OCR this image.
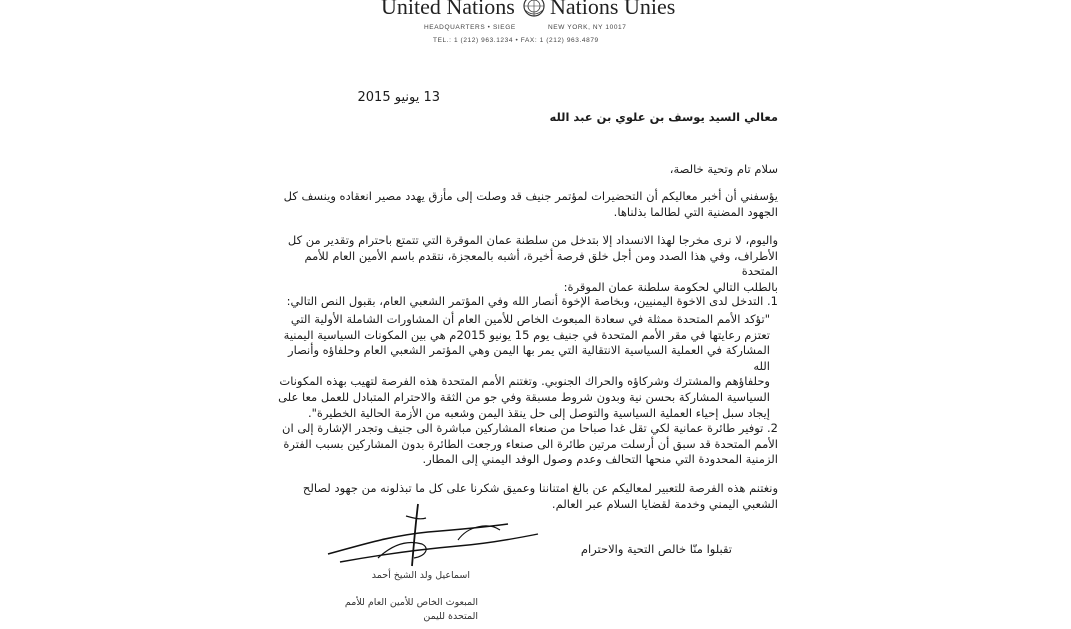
United Nations Nations Unies
HEADQUARTERS • SIEGE	NEW YORK, NY 10017
TEL.: 1 (212) 963.1234 • FAX: 1 (212) 963.4879
13 يونيو 2015
معالي السيد يوسف بن علوي بن عبد الله
سلام تام وتحية خالصة،
يؤسفني أن أخبر معاليكم أن التحضيرات لمؤتمر جنيف قد وصلت إلى مأزق يهدد مصير انعقاده وينسف كل
الجهود المضنية التي لطالما بذلناها.
واليوم، لا نرى مخرجا لهذا الانسداد إلا بتدخل من سلطنة عمان الموقرة التي تتمتع باحترام وتقدير من كل
الأطراف، وفي هذا الصدد ومن أجل خلق فرصة أخيرة، أشبه بالمعجزة، نتقدم باسم الأمين العام للأمم المتحدة
بالطلب التالي لحكومة سلطنة عمان الموقرة:
1. التدخل لدى الاخوة اليمنيين، وبخاصة الإخوة أنصار الله وفي المؤتمر الشعبي العام، بقبول النص التالي:
"تؤكد الأمم المتحدة ممثلة في سعادة المبعوث الخاص للأمين العام أن المشاورات الشاملة الأولية التي
تعتزم رعايتها في مقر الأمم المتحدة في جنيف يوم 15 يونيو 2015م هي بين المكونات السياسية اليمنية
المشاركة في العملية السياسية الانتقالية التي يمر بها اليمن وهي المؤتمر الشعبي العام وحلفاؤه وأنصار الله
وحلفاؤهم والمشترك وشركاؤه والحراك الجنوبي. وتغتنم الأمم المتحدة هذه الفرصة لتهيب بهذه المكونات
السياسية المشاركة بحسن نية وبدون شروط مسبقة وفي جو من الثقة والاحترام المتبادل للعمل معا على
إيجاد سبل إحياء العملية السياسية والتوصل إلى حل ينقذ اليمن وشعبه من الأزمة الحالية الخطيرة".
2. توفير طائرة عمانية لكي تقل غدا صباحا من صنعاء المشاركين مباشرة الى جنيف وتجدر الإشارة إلى ان
الأمم المتحدة قد سبق أن أرسلت مرتين طائرة الى صنعاء ورجعت الطائرة بدون المشاركين بسبب الفترة
الزمنية المحدودة التي منحها التحالف وعدم وصول الوفد اليمني إلى المطار.
ونغتنم هذه الفرصة للتعبير لمعاليكم عن بالغ امتناننا وعميق شكرنا على كل ما تبذلونه من جهود لصالح
الشعبي اليمني وخدمة لقضايا السلام عبر العالم.
تقبلوا منّا خالص التحية والاحترام
اسماعيل ولد الشيخ أحمد
المبعوث الخاص للأمين العام للأمم
المتحدة لليمن
